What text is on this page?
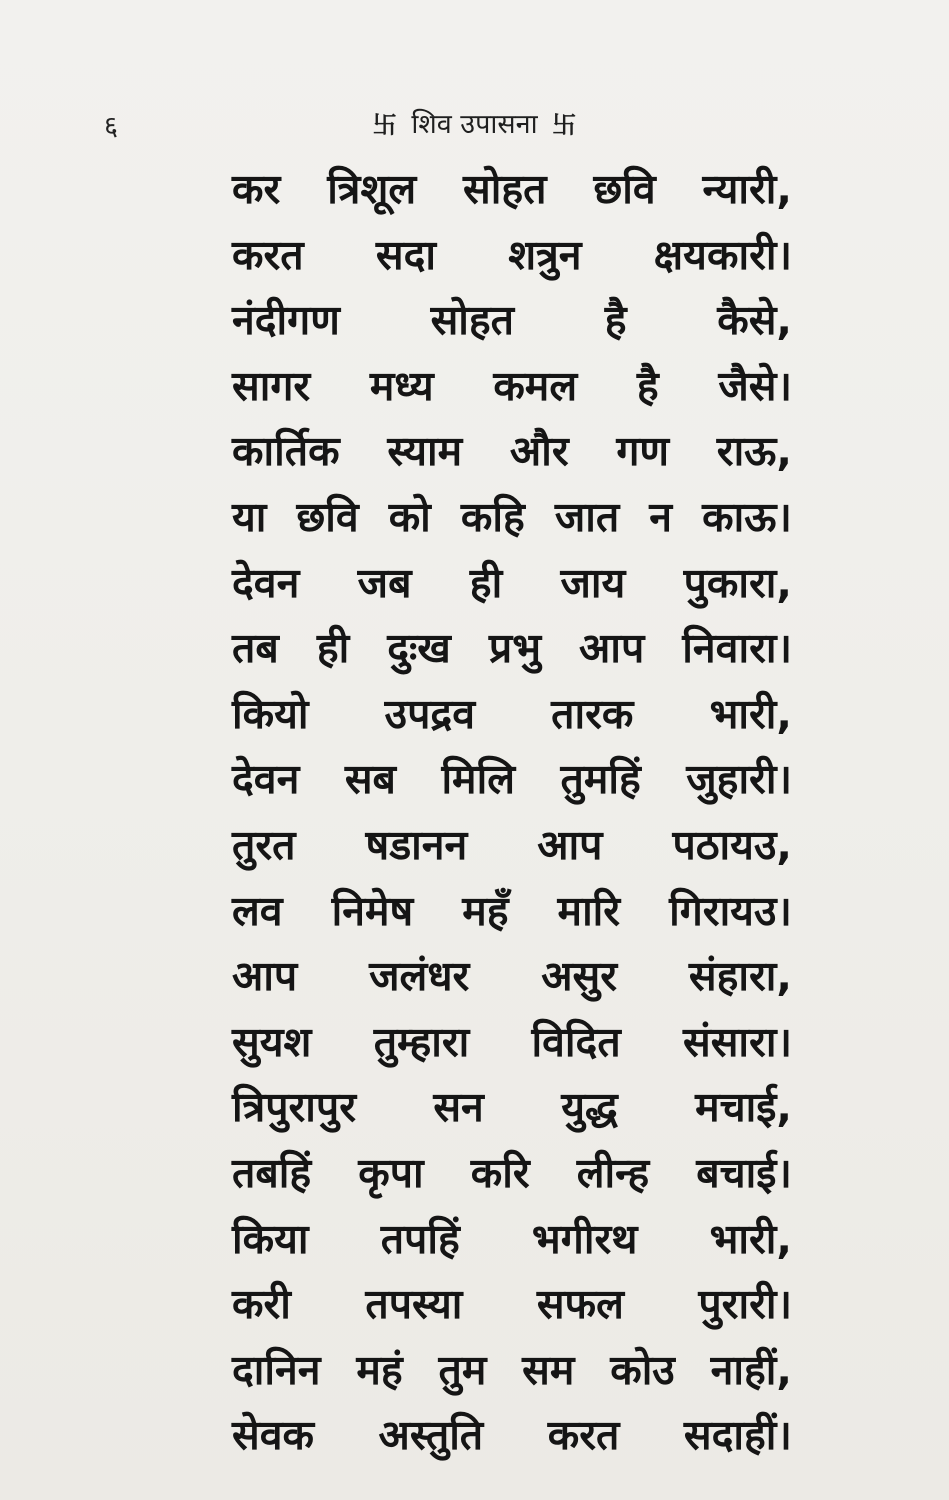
६	卐 शिव उपासना 卐
कर त्रिशूल सोहत छवि न्यारी,
करत सदा शत्रुन क्षयकारी।
नंदीगण सोहत है कैसे,
सागर मध्य कमल है जैसे।
कार्तिक स्याम और गण राऊ,
या छवि को कहि जात न काऊ।
देवन जब ही जाय पुकारा,
तब ही दुःख प्रभु आप निवारा।
कियो उपद्रव तारक भारी,
देवन सब मिलि तुमहिं जुहारी।
तुरत षडानन आप पठायउ,
लव निमेष महँ मारि गिरायउ।
आप जलंधर असुर संहारा,
सुयश तुम्हारा विदित संसारा।
त्रिपुरापुर सन युद्ध मचाई,
तबहिं कृपा करि लीन्ह बचाई।
किया तपहिं भगीरथ भारी,
करी तपस्या सफल पुरारी।
दानिन महं तुम सम कोउ नाहीं,
सेवक अस्तुति करत सदाहीं।
